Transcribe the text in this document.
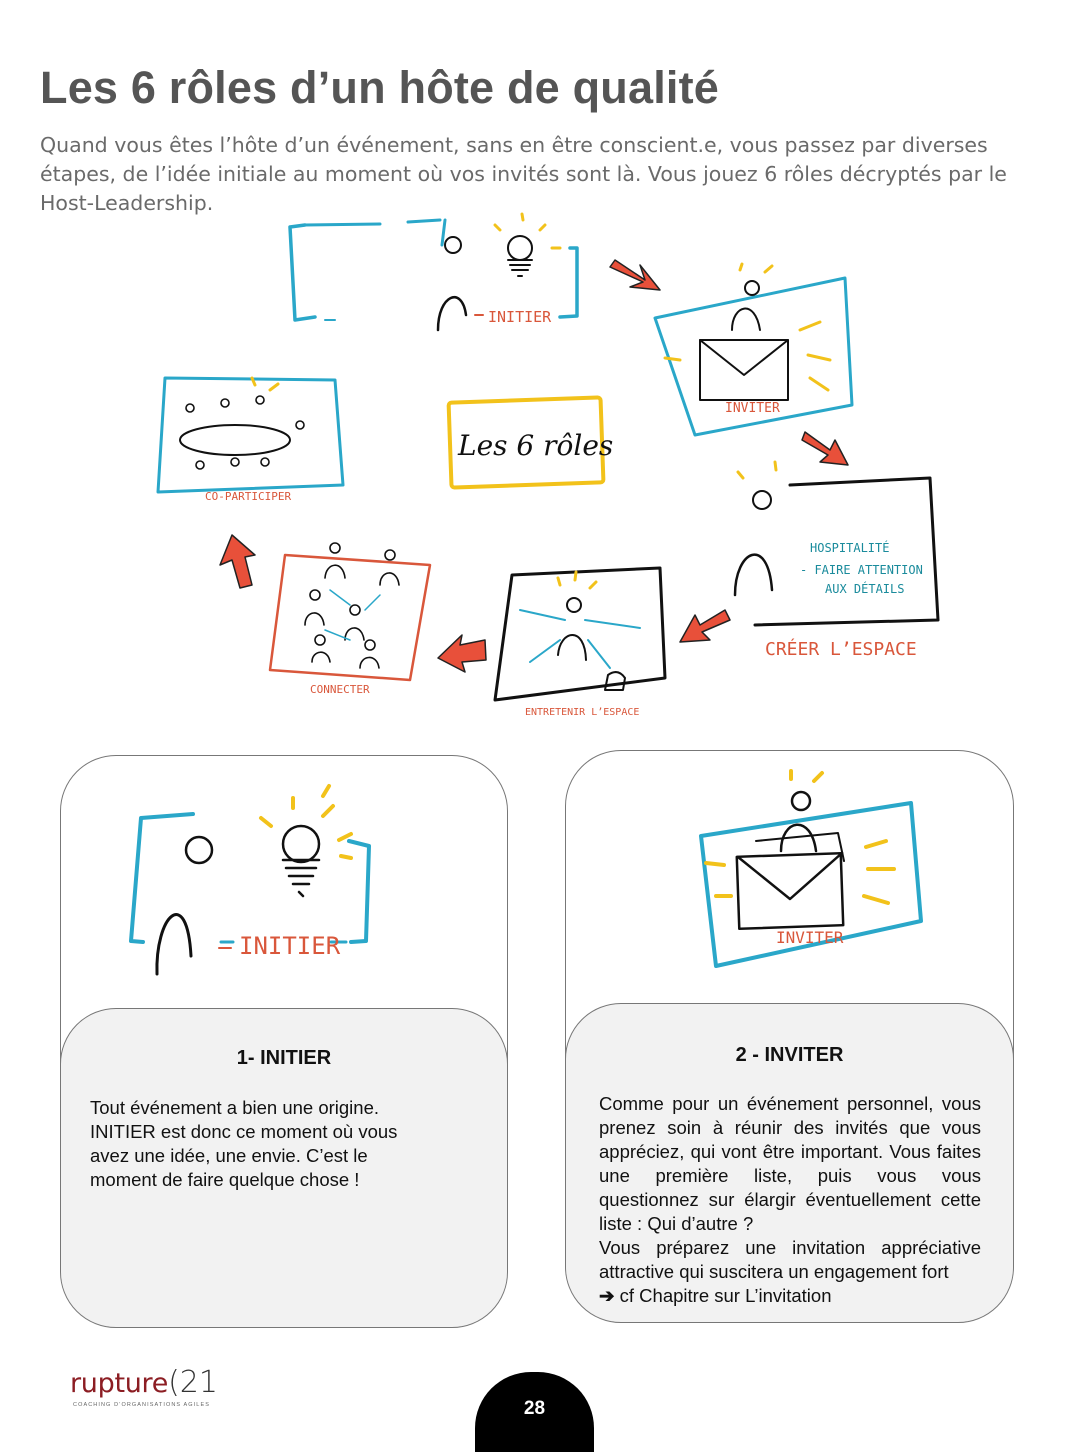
Les 6 rôles d’un hôte de qualité

Quand vous êtes l’hôte d’un événement, sans en être conscient.e, vous passez par diverses étapes, de l’idée initiale au moment où vos invités sont là. Vous jouez 6 rôles décryptés par le Host-Leadership.

INITIER
INVITER
HOSPITALITÉ
- FAIRE ATTENTION
AUX DÉTAILS
CRÉER L’ESPACE
ENTRETENIR L’ESPACE
CONNECTER
CO-PARTICIPER
Les 6 rôles
INITIER
1- INITIER

Tout événement a bien une origine. INITIER est donc ce moment où vous avez une idée, une envie. C’est le moment de faire quelque chose !

INVITER
2 - INVITER

Comme pour un événement personnel, vous prenez soin à réunir des invités que vous appréciez, qui vont être important. Vous faites une première liste, puis vous vous questionnez sur élargir éventuellement cette liste : Qui d’autre ?

Vous préparez une invitation appréciative attractive qui suscitera un engagement fort

➔ cf Chapitre sur L’invitation

rupture(21
COACHING D’ORGANISATIONS AGILES	28
